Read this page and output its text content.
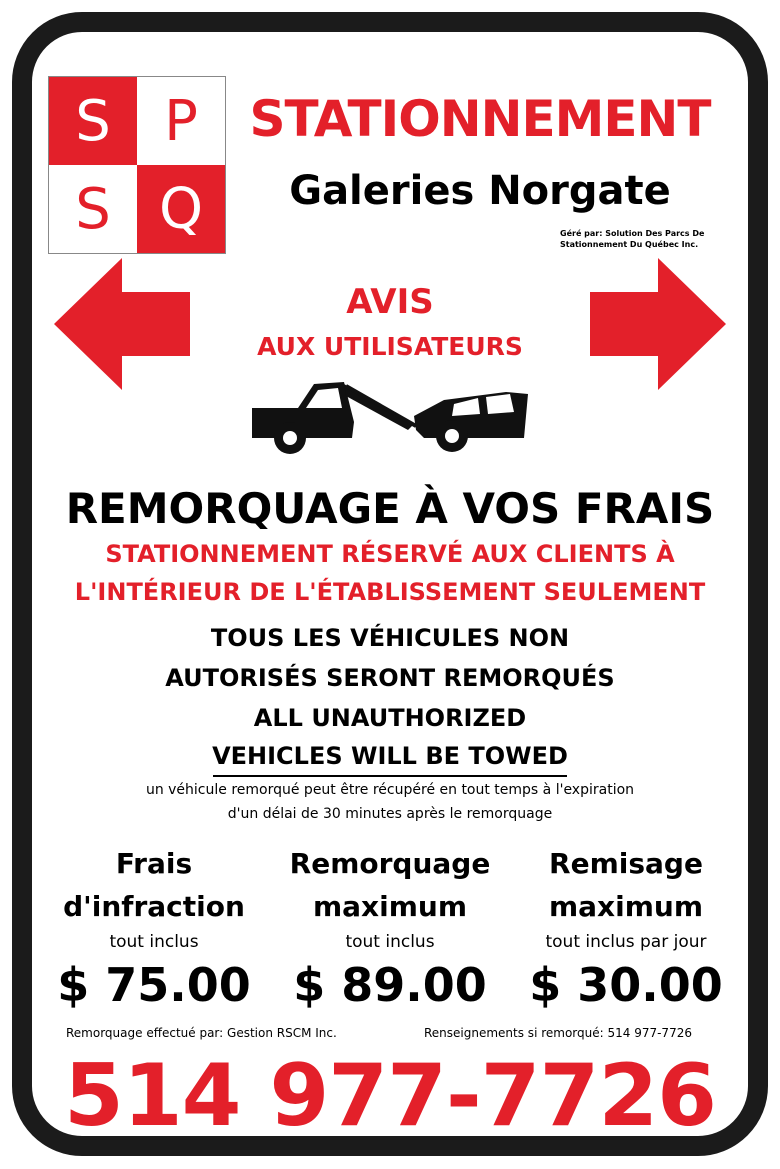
S P
S Q
STATIONNEMENT
Galeries Norgate
Géré par: Solution Des Parcs De
Stationnement Du Québec Inc.
AVIS
AUX UTILISATEURS
REMORQUAGE À VOS FRAIS
STATIONNEMENT RÉSERVÉ AUX CLIENTS À
L'INTÉRIEUR DE L'ÉTABLISSEMENT SEULEMENT
TOUS LES VÉHICULES NON
AUTORISÉS SERONT REMORQUÉS
ALL UNAUTHORIZED
VEHICLES WILL BE TOWED
un véhicule remorqué peut être récupéré en tout temps à l'expiration
d'un délai de 30 minutes après le remorquage
Frais
d'infraction
tout inclus
$ 75.00
Remorquage
maximum
tout inclus
$ 89.00
Remisage
maximum
tout inclus par jour
$ 30.00
Remorquage effectué par: Gestion RSCM Inc.	Renseignements si remorqué: 514 977-7726
514 977-7726
